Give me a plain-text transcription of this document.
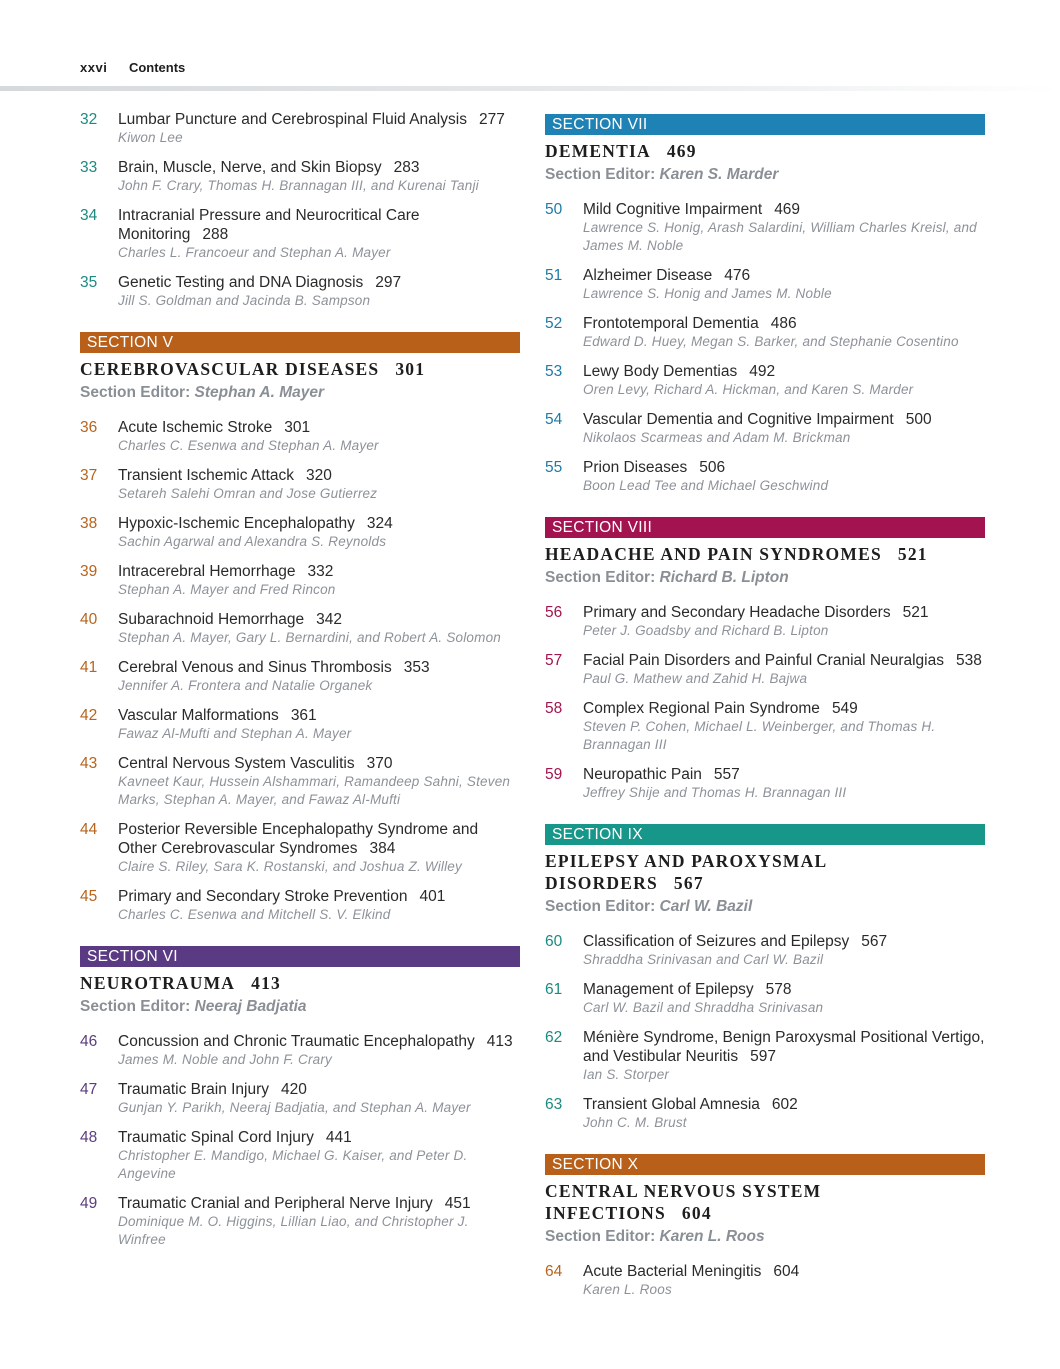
xxvi Contents
32	Lumbar Puncture and Cerebrospinal Fluid Analysis 277
Kiwon Lee
33	Brain, Muscle, Nerve, and Skin Biopsy 283
John F. Crary, Thomas H. Brannagan III, and Kurenai Tanji
34	Intracranial Pressure and Neurocritical Care Monitoring 288
Charles L. Francoeur and Stephan A. Mayer
35	Genetic Testing and DNA Diagnosis 297
Jill S. Goldman and Jacinda B. Sampson
SECTION V
CEREBROVASCULAR DISEASES 301
Section Editor: Stephan A. Mayer
36	Acute Ischemic Stroke 301
Charles C. Esenwa and Stephan A. Mayer
37	Transient Ischemic Attack 320
Setareh Salehi Omran and Jose Gutierrez
38	Hypoxic-Ischemic Encephalopathy 324
Sachin Agarwal and Alexandra S. Reynolds
39	Intracerebral Hemorrhage 332
Stephan A. Mayer and Fred Rincon
40	Subarachnoid Hemorrhage 342
Stephan A. Mayer, Gary L. Bernardini, and Robert A. Solomon
41	Cerebral Venous and Sinus Thrombosis 353
Jennifer A. Frontera and Natalie Organek
42	Vascular Malformations 361
Fawaz Al-Mufti and Stephan A. Mayer
43	Central Nervous System Vasculitis 370
Kavneet Kaur, Hussein Alshammari, Ramandeep Sahni, Steven Marks, Stephan A. Mayer, and Fawaz Al-Mufti
44	Posterior Reversible Encephalopathy Syndrome and Other Cerebrovascular Syndromes 384
Claire S. Riley, Sara K. Rostanski, and Joshua Z. Willey
45	Primary and Secondary Stroke Prevention 401
Charles C. Esenwa and Mitchell S. V. Elkind
SECTION VI
NEUROTRAUMA 413
Section Editor: Neeraj Badjatia
46	Concussion and Chronic Traumatic Encephalopathy 413
James M. Noble and John F. Crary
47	Traumatic Brain Injury 420
Gunjan Y. Parikh, Neeraj Badjatia, and Stephan A. Mayer
48	Traumatic Spinal Cord Injury 441
Christopher E. Mandigo, Michael G. Kaiser, and Peter D. Angevine
49	Traumatic Cranial and Peripheral Nerve Injury 451
Dominique M. O. Higgins, Lillian Liao, and Christopher J. Winfree
SECTION VII
DEMENTIA 469
Section Editor: Karen S. Marder
50	Mild Cognitive Impairment 469
Lawrence S. Honig, Arash Salardini, William Charles Kreisl, and James M. Noble
51	Alzheimer Disease 476
Lawrence S. Honig and James M. Noble
52	Frontotemporal Dementia 486
Edward D. Huey, Megan S. Barker, and Stephanie Cosentino
53	Lewy Body Dementias 492
Oren Levy, Richard A. Hickman, and Karen S. Marder
54	Vascular Dementia and Cognitive Impairment 500
Nikolaos Scarmeas and Adam M. Brickman
55	Prion Diseases 506
Boon Lead Tee and Michael Geschwind
SECTION VIII
HEADACHE AND PAIN SYNDROMES 521
Section Editor: Richard B. Lipton
56	Primary and Secondary Headache Disorders 521
Peter J. Goadsby and Richard B. Lipton
57	Facial Pain Disorders and Painful Cranial Neuralgias 538
Paul G. Mathew and Zahid H. Bajwa
58	Complex Regional Pain Syndrome 549
Steven P. Cohen, Michael L. Weinberger, and Thomas H. Brannagan III
59	Neuropathic Pain 557
Jeffrey Shije and Thomas H. Brannagan III
SECTION IX
EPILEPSY AND PAROXYSMAL DISORDERS 567
Section Editor: Carl W. Bazil
60	Classification of Seizures and Epilepsy 567
Shraddha Srinivasan and Carl W. Bazil
61	Management of Epilepsy 578
Carl W. Bazil and Shraddha Srinivasan
62	Ménière Syndrome, Benign Paroxysmal Positional Vertigo, and Vestibular Neuritis 597
Ian S. Storper
63	Transient Global Amnesia 602
John C. M. Brust
SECTION X
CENTRAL NERVOUS SYSTEM INFECTIONS 604
Section Editor: Karen L. Roos
64	Acute Bacterial Meningitis 604
Karen L. Roos
